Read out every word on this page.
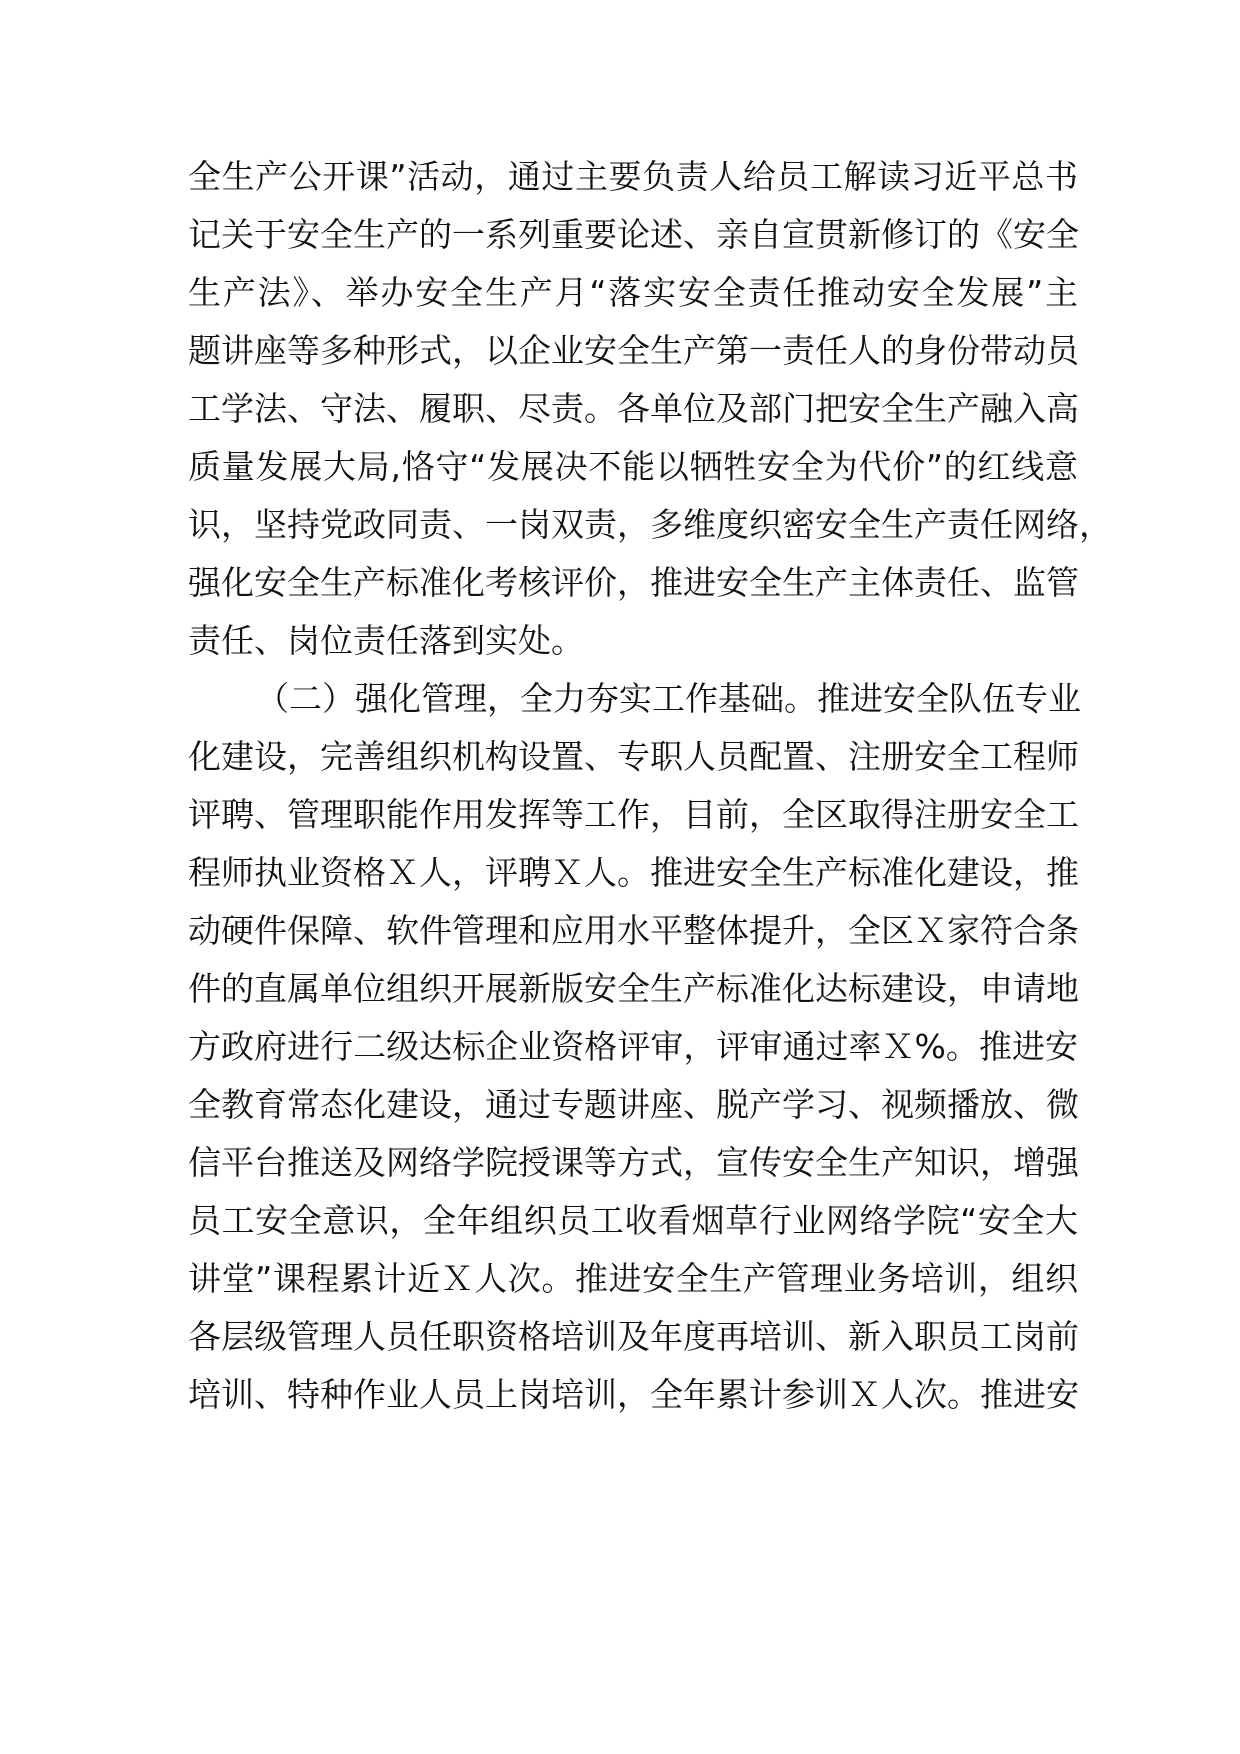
全生产公开课”活动，通过主要负责人给员工解读习近平总书
记关于安全生产的一系列重要论述、亲自宣贯新修订的《安全
生产法》、举办安全生产月“落实安全责任推动安全发展”主
题讲座等多种形式，以企业安全生产第一责任人的身份带动员
工学法、守法、履职、尽责。各单位及部门把安全生产融入高
质量发展大局,恪守“发展决不能以牺牲安全为代价”的红线意
识，坚持党政同责、一岗双责，多维度织密安全生产责任网络，
强化安全生产标准化考核评价，推进安全生产主体责任、监管
责任、岗位责任落到实处。
（二）强化管理，全力夯实工作基础。推进安全队伍专业
化建设，完善组织机构设置、专职人员配置、注册安全工程师
评聘、管理职能作用发挥等工作，目前，全区取得注册安全工
程师执业资格Ｘ人，评聘Ｘ人。推进安全生产标准化建设，推
动硬件保障、软件管理和应用水平整体提升，全区Ｘ家符合条
件的直属单位组织开展新版安全生产标准化达标建设，申请地
方政府进行二级达标企业资格评审，评审通过率Ｘ%。推进安
全教育常态化建设，通过专题讲座、脱产学习、视频播放、微
信平台推送及网络学院授课等方式，宣传安全生产知识，增强
员工安全意识，全年组织员工收看烟草行业网络学院“安全大
讲堂”课程累计近Ｘ人次。推进安全生产管理业务培训，组织
各层级管理人员任职资格培训及年度再培训、新入职员工岗前
培训、特种作业人员上岗培训，全年累计参训Ｘ人次。推进安
